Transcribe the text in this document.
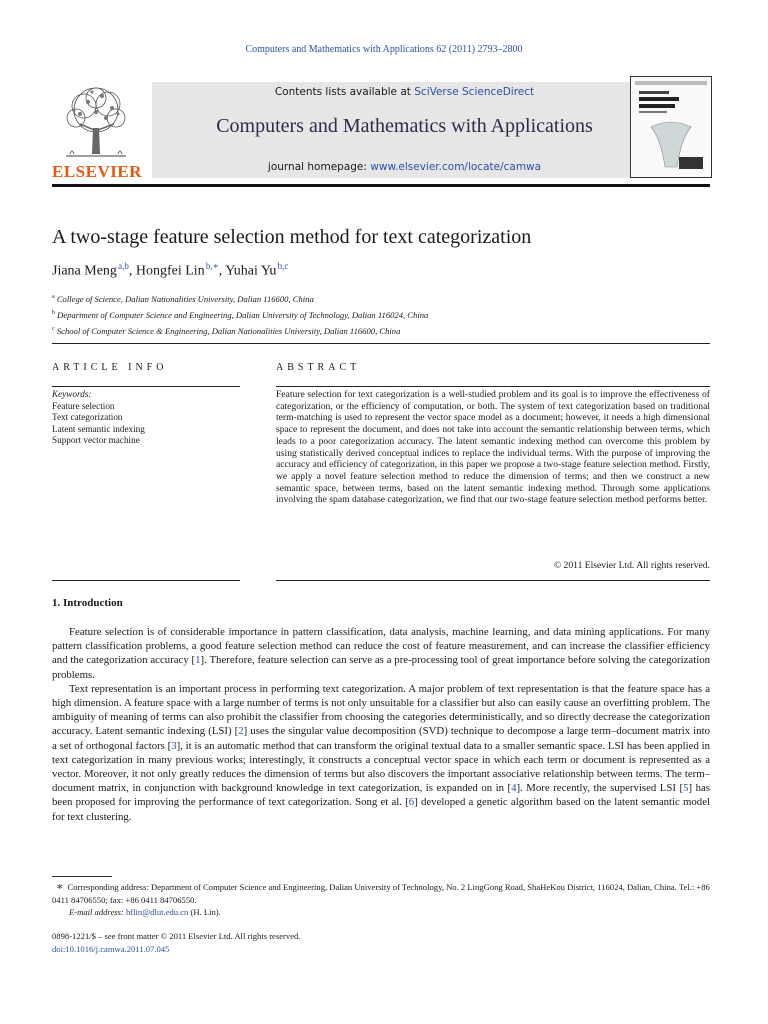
Computers and Mathematics with Applications 62 (2011) 2793–2800
ELSEVIER
Contents lists available at SciVerse ScienceDirect
Computers and Mathematics with Applications
journal homepage: www.elsevier.com/locate/camwa
A two-stage feature selection method for text categorization
Jiana Meng $^{a,b}$, Hongfei Lin $^{b,∗}$, Yuhai Yu $^{b,c}$
$^a$ College of Science, Dalian Nationalities University, Dalian 116600, China
$^b$ Department of Computer Science and Engineering, Dalian University of Technology, Dalian 116024, China
$^c$ School of Computer Science & Engineering, Dalian Nationalities University, Dalian 116600, China
ARTICLE INFO
Keywords:
Feature selection
Text categorization
Latent semantic indexing
Support vector machine
ABSTRACT
Feature selection for text categorization is a well-studied problem and its goal is to improve the effectiveness of categorization, or the efficiency of computation, or both. The system of text categorization based on traditional term-matching is used to represent the vector space model as a document; however, it needs a high dimensional space to represent the document, and does not take into account the semantic relationship between terms, which leads to a poor categorization accuracy. The latent semantic indexing method can overcome this problem by using statistically derived conceptual indices to replace the individual terms. With the purpose of improving the accuracy and efficiency of categorization, in this paper we propose a two-stage feature selection method. Firstly, we apply a novel feature selection method to reduce the dimension of terms; and then we construct a new semantic space, between terms, based on the latent semantic indexing method. Through some applications involving the spam database categorization, we find that our two-stage feature selection method performs better.
© 2011 Elsevier Ltd. All rights reserved.
1. Introduction

Feature selection is of considerable importance in pattern classification, data analysis, machine learning, and data mining applications. For many pattern classification problems, a good feature selection method can reduce the cost of feature measurement, and can increase the classifier efficiency and the categorization accuracy [1]. Therefore, feature selection can serve as a pre-processing tool of great importance before solving the categorization problems.

Text representation is an important process in performing text categorization. A major problem of text representation is that the feature space has a high dimension. A feature space with a large number of terms is not only unsuitable for a classifier but also can easily cause an overfitting problem. The ambiguity of meaning of terms can also prohibit the classifier from choosing the categories deterministically, and so directly decrease the categorization accuracy. Latent semantic indexing (LSI) [2] uses the singular value decomposition (SVD) technique to decompose a large term–document matrix into a set of orthogonal factors [3], it is an automatic method that can transform the original textual data to a smaller semantic space. LSI has been applied in text categorization in many previous works; interestingly, it constructs a conceptual vector space in which each term or document is represented as a vector. Moreover, it not only greatly reduces the dimension of terms but also discovers the important associative relationship between terms. The term–document matrix, in conjunction with background knowledge in text categorization, is expanded on in [4]. More recently, the supervised LSI [5] has been proposed for improving the performance of text categorization. Song et al. [6] developed a genetic algorithm based on the latent semantic model for text clustering.

∗ Corresponding address: Department of Computer Science and Engineering, Dalian University of Technology, No. 2 LingGong Road, ShaHeKou District, 116024, Dalian, China. Tel.: +86 0411 84706550; fax: +86 0411 84706550.
E-mail address: hflin@dlut.edu.cn (H. Lin).
0898-1221/$ – see front matter © 2011 Elsevier Ltd. All rights reserved.
doi:10.1016/j.camwa.2011.07.045
